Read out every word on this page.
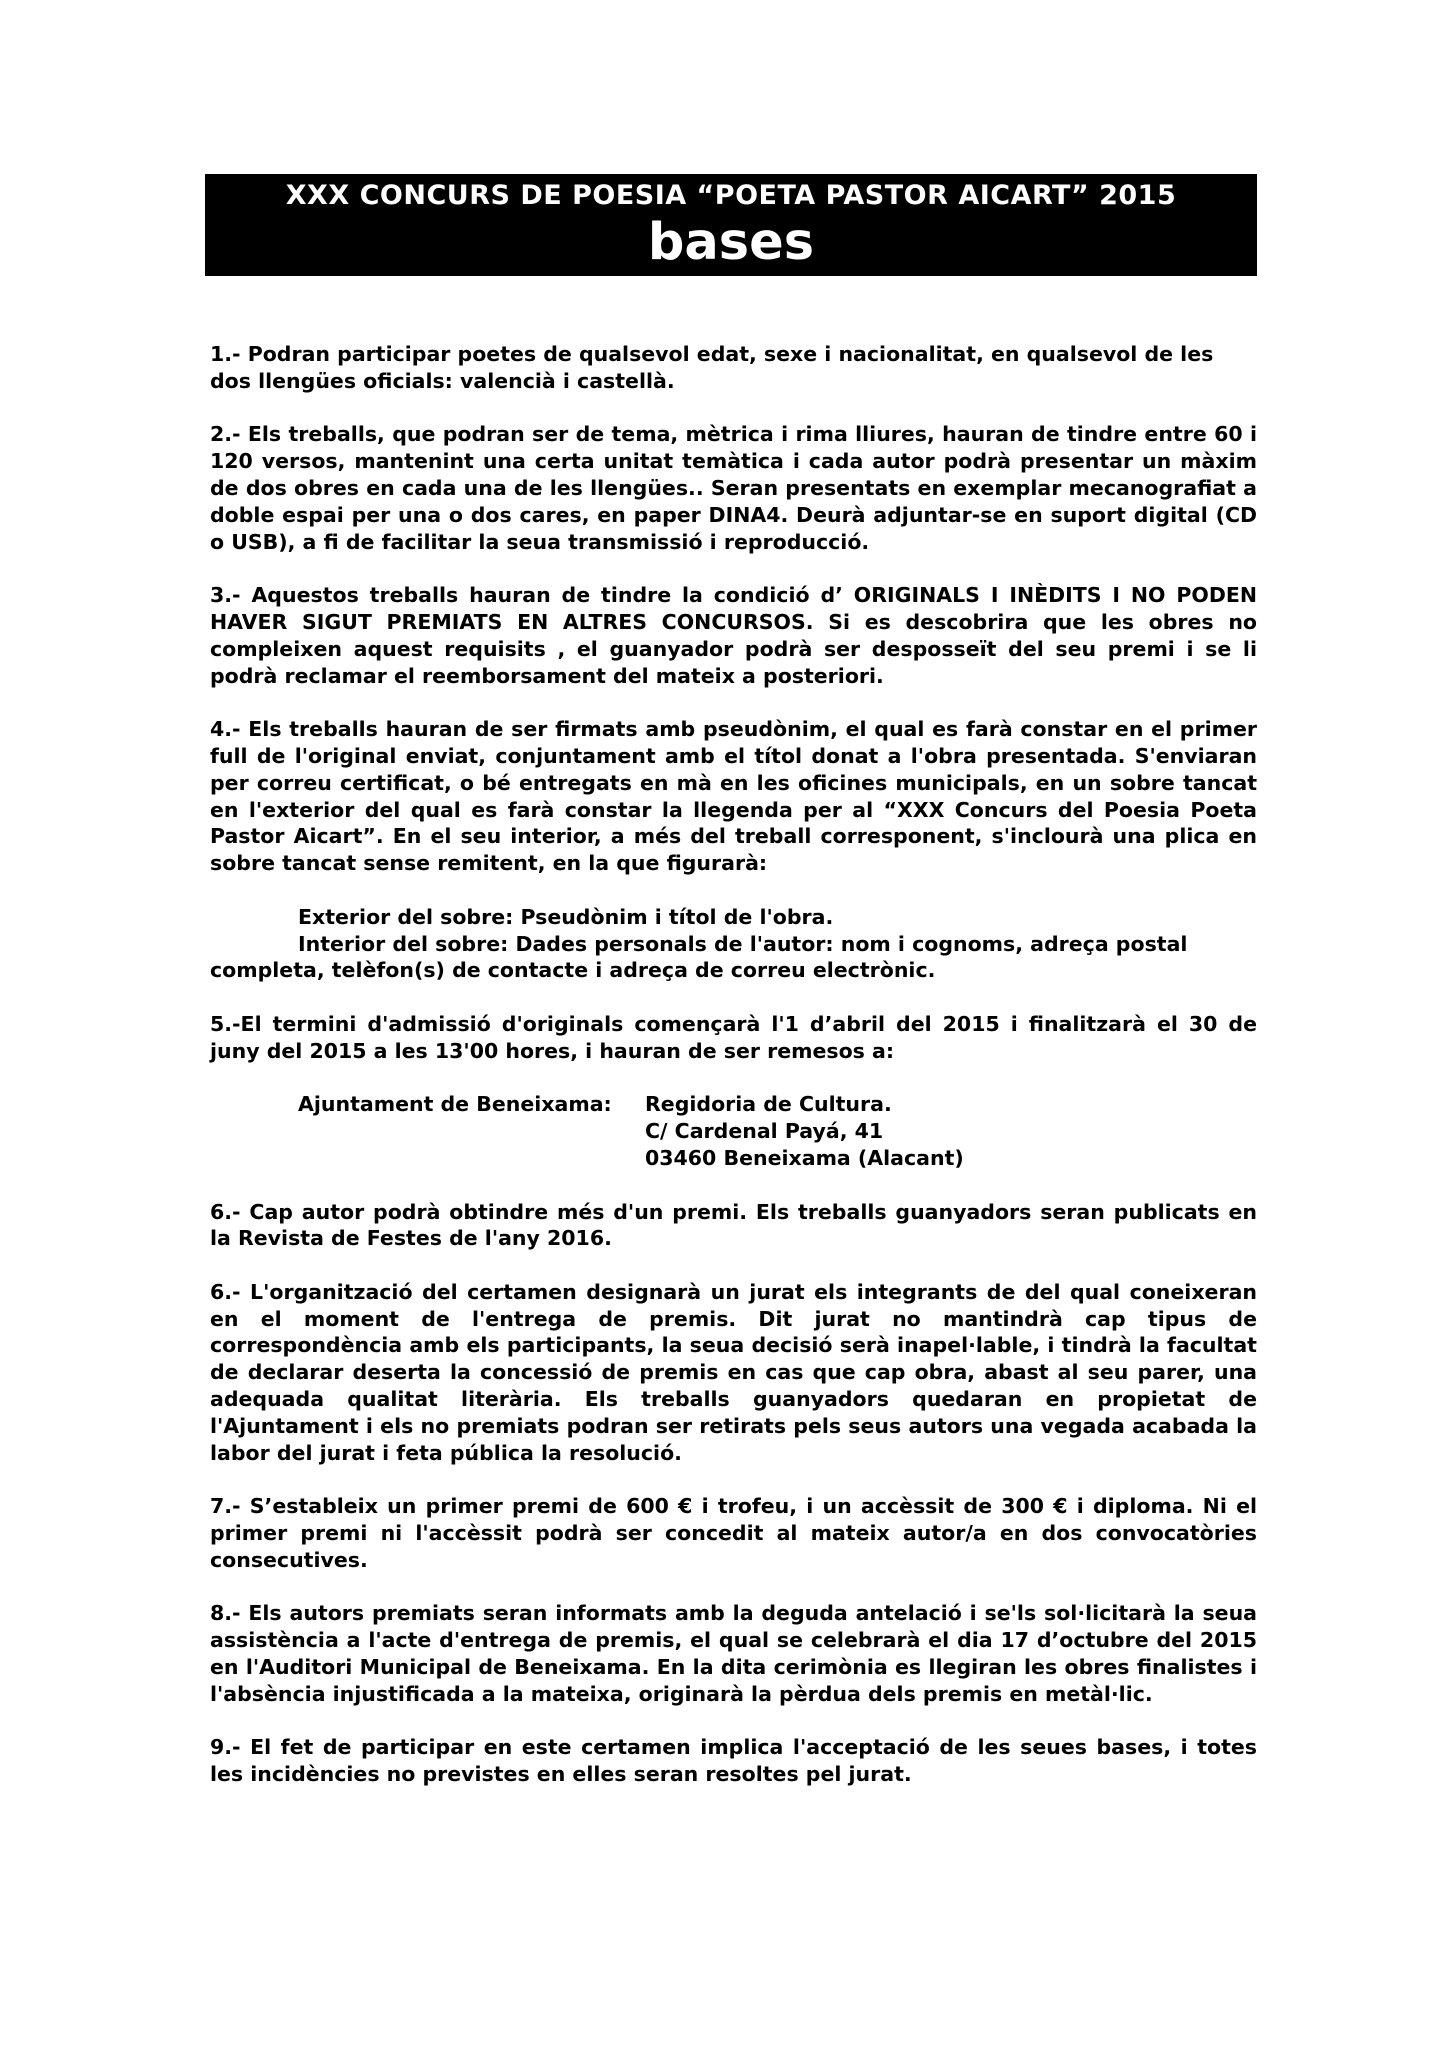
XXX CONCURS DE POESIA “POETA PASTOR AICART” 2015
bases

1.- Podran participar poetes de qualsevol edat, sexe i nacionalitat, en qualsevol de les dos llengües oficials: valencià i castellà.

2.- Els treballs, que podran ser de tema, mètrica i rima lliures, hauran de tindre entre 60 i 120 versos, mantenint una certa unitat temàtica i cada autor podrà presentar un màxim de dos obres en cada una de les llengües.. Seran presentats en exemplar mecanografiat a doble espai per una o dos cares, en paper DINA4. Deurà adjuntar-se en suport digital (CD o USB), a fi de facilitar la seua transmissió i reproducció.

3.- Aquestos treballs hauran de tindre la condició d’ ORIGINALS I INÈDITS I NO PODEN HAVER SIGUT PREMIATS EN ALTRES CONCURSOS. Si es descobrira que les obres no compleixen aquest requisits , el guanyador podrà ser desposseït del seu premi i se li podrà reclamar el reemborsament del mateix a posteriori.

4.- Els treballs hauran de ser firmats amb pseudònim, el qual es farà constar en el primer full de l'original enviat, conjuntament amb el títol donat a l'obra presentada. S'enviaran per correu certificat, o bé entregats en mà en les oficines municipals, en un sobre tancat en l'exterior del qual es farà constar la llegenda per al “XXX Concurs del Poesia Poeta Pastor Aicart”. En el seu interior, a més del treball corresponent, s'inclourà una plica en sobre tancat sense remitent, en la que figurarà:

Exterior del sobre: Pseudònim i títol de l'obra.

Interior del sobre: Dades personals de l'autor: nom i cognoms, adreça postal completa, telèfon(s) de contacte i adreça de correu electrònic.

5.-El termini d'admissió d'originals començarà l'1 d’abril del 2015 i finalitzarà el 30 de juny del 2015 a les 13'00 hores, i hauran de ser remesos a:

Ajuntament de Beneixama:	Regidoria de Cultura.
C/ Cardenal Payá, 41
03460 Beneixama (Alacant)

6.- Cap autor podrà obtindre més d'un premi. Els treballs guanyadors seran publicats en la Revista de Festes de l'any 2016.

6.- L'organització del certamen designarà un jurat els integrants de del qual coneixeran en el moment de l'entrega de premis. Dit jurat no mantindrà cap tipus de correspondència amb els participants, la seua decisió serà inapel·lable, i tindrà la facultat de declarar deserta la concessió de premis en cas que cap obra, abast al seu parer, una adequada qualitat literària. Els treballs guanyadors quedaran en propietat de l'Ajuntament i els no premiats podran ser retirats pels seus autors una vegada acabada la labor del jurat i feta pública la resolució.

7.- S’estableix un primer premi de 600 € i trofeu, i un accèssit de 300 € i diploma. Ni el primer premi ni l'accèssit podrà ser concedit al mateix autor/a en dos convocatòries consecutives.

8.- Els autors premiats seran informats amb la deguda antelació i se'ls sol·licitarà la seua assistència a l'acte d'entrega de premis, el qual se celebrarà el dia 17 d’octubre del 2015 en l'Auditori Municipal de Beneixama. En la dita cerimònia es llegiran les obres finalistes i l'absència injustificada a la mateixa, originarà la pèrdua dels premis en metàl·lic.

9.- El fet de participar en este certamen implica l'acceptació de les seues bases, i totes les incidències no previstes en elles seran resoltes pel jurat.
